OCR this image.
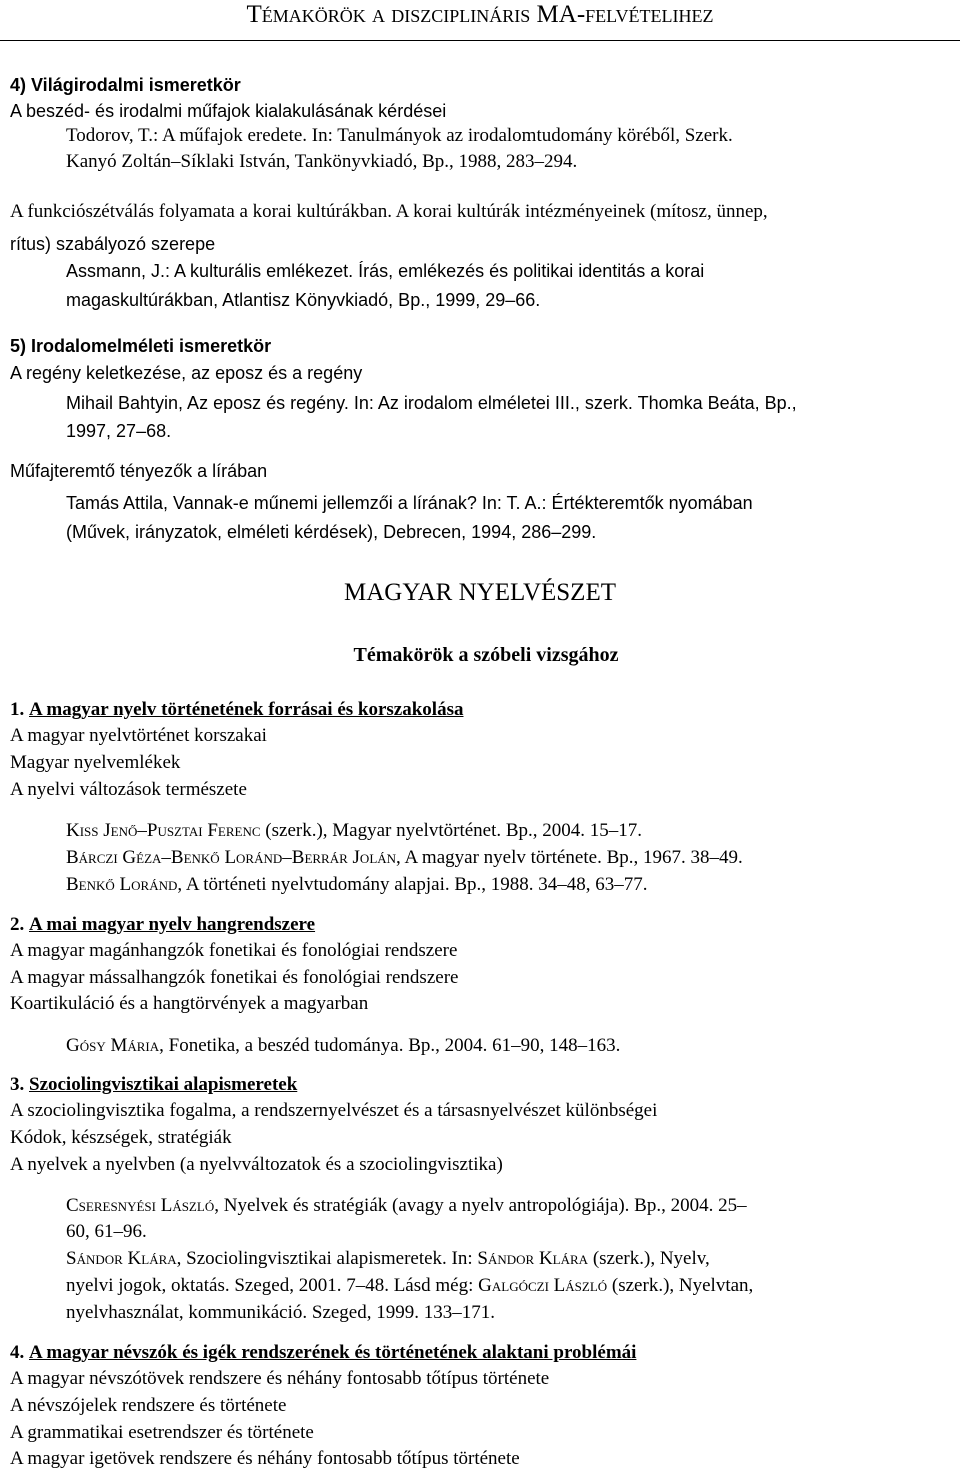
Témakörök a diszciplináris MA-felvételihez
4) Világirodalmi ismeretkör
A beszéd- és irodalmi műfajok kialakulásának kérdései
Todorov, T.: A műfajok eredete. In: Tanulmányok az irodalomtudomány köréből, Szerk.
Kanyó Zoltán–Síklaki István, Tankönyvkiadó, Bp., 1988, 283–294.
A funkciószétválás folyamata a korai kultúrákban. A korai kultúrák intézményeinek (mítosz, ünnep,
rítus) szabályozó szerepe
Assmann, J.: A kulturális emlékezet. Írás, emlékezés és politikai identitás a korai
magaskultúrákban, Atlantisz Könyvkiadó, Bp., 1999, 29–66.
5) Irodalomelméleti ismeretkör
A regény keletkezése, az eposz és a regény
Mihail Bahtyin, Az eposz és regény. In: Az irodalom elméletei III., szerk. Thomka Beáta, Bp.,
1997, 27–68.
Műfajteremtő tényezők a lírában
Tamás Attila, Vannak-e műnemi jellemzői a lírának? In: T. A.: Értékteremtők nyomában
(Művek, irányzatok, elméleti kérdések), Debrecen, 1994, 286–299.
MAGYAR NYELVÉSZET
Témakörök a szóbeli vizsgához
1. A magyar nyelv történetének forrásai és korszakolása
A magyar nyelvtörténet korszakai
Magyar nyelvemlékek
A nyelvi változások természete
Kiss Jenő–Pusztai Ferenc (szerk.), Magyar nyelvtörténet. Bp., 2004. 15–17.
Bárczi Géza–Benkő Loránd–Berrár Jolán, A magyar nyelv története. Bp., 1967. 38–49.
Benkő Loránd, A történeti nyelvtudomány alapjai. Bp., 1988. 34–48, 63–77.
2. A mai magyar nyelv hangrendszere
A magyar magánhangzók fonetikai és fonológiai rendszere
A magyar mássalhangzók fonetikai és fonológiai rendszere
Koartikuláció és a hangtörvények a magyarban
Gósy Mária, Fonetika, a beszéd tudománya. Bp., 2004. 61–90, 148–163.
3. Szociolingvisztikai alapismeretek
A szociolingvisztika fogalma, a rendszernyelvészet és a társasnyelvészet különbségei
Kódok, készségek, stratégiák
A nyelvek a nyelvben (a nyelvváltozatok és a szociolingvisztika)
Cseresnyési László, Nyelvek és stratégiák (avagy a nyelv antropológiája). Bp., 2004. 25–
60, 61–96.
Sándor Klára, Szociolingvisztikai alapismeretek. In: Sándor Klára (szerk.), Nyelv,
nyelvi jogok, oktatás. Szeged, 2001. 7–48. Lásd még: Galgóczi László (szerk.), Nyelvtan,
nyelvhasználat, kommunikáció. Szeged, 1999. 133–171.
4. A magyar névszók és igék rendszerének és történetének alaktani problémái
A magyar névszótövek rendszere és néhány fontosabb tőtípus története
A névszójelek rendszere és története
A grammatikai esetrendszer és története
A magyar igetövek rendszere és néhány fontosabb tőtípus története
